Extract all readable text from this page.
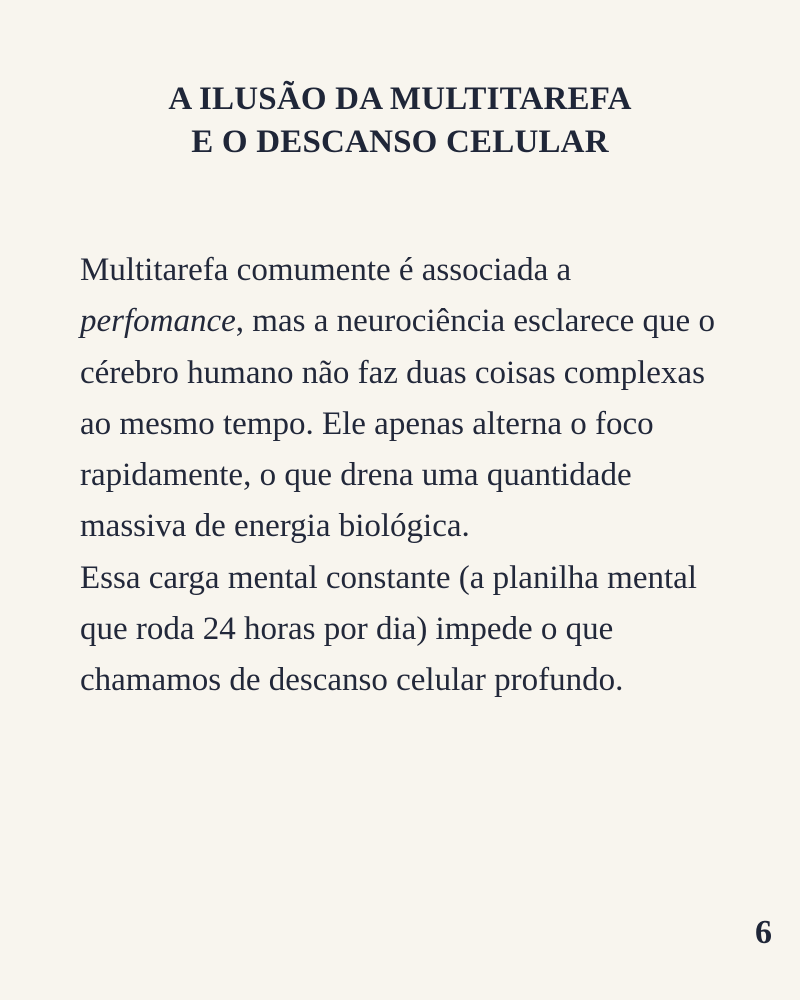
A ILUSÃO DA MULTITAREFA
E O DESCANSO CELULAR

Multitarefa comumente é associada a perfomance, mas a neurociência esclarece que o cérebro humano não faz duas coisas complexas ao mesmo tempo. Ele apenas alterna o foco rapidamente, o que drena uma quantidade massiva de energia biológica.

Essa carga mental constante (a planilha mental que roda 24 horas por dia) impede o que chamamos de descanso celular profundo.

6
